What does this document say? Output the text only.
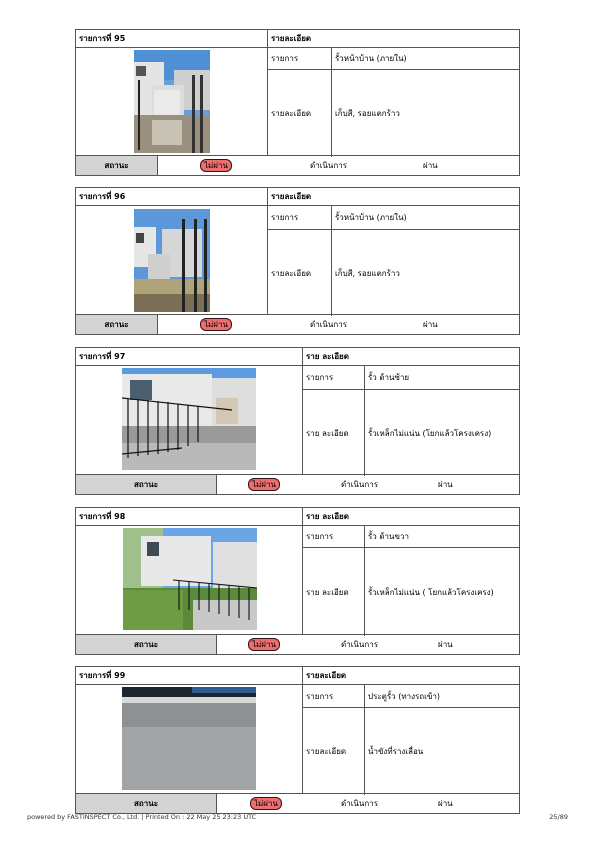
รายการที่ 95	รายละเอียด
รายการ	รั้วหน้าบ้าน (ภายใน)
รายละเอียด	เก็บสี, รอยแตกร้าว
สถานะ	ไม่ผ่าน	ดำเนินการ	ผ่าน
รายการที่ 96	รายละเอียด
รายการ	รั้วหน้าบ้าน (ภายใน)
รายละเอียด	เก็บสี, รอยแตกร้าว
สถานะ	ไม่ผ่าน	ดำเนินการ	ผ่าน
รายการที่ 97	ราย ละเอียด
รายการ	รั้ว ด้านซ้าย
ราย ละเอียด	รั้วเหล็กไม่แน่น (โยกแล้วโครงเครง)
สถานะ	ไม่ผ่าน	ดำเนินการ	ผ่าน
รายการที่ 98	ราย ละเอียด
รายการ	รั้ว ด้านขวา
ราย ละเอียด	รั้วเหล็กไม่แน่น ( โยกแล้วโครงเครง)
สถานะ	ไม่ผ่าน	ดำเนินการ	ผ่าน
รายการที่ 99	รายละเอียด
รายการ	ประตูรั้ว (ทางรถเข้า)
รายละเอียด	น้ำขังที่รางเลื่อน
สถานะ	ไม่ผ่าน	ดำเนินการ	ผ่าน
powered by FASTINSPECT Co., Ltd. | Printed On : 22 May 25 23:23 UTC	25/89
